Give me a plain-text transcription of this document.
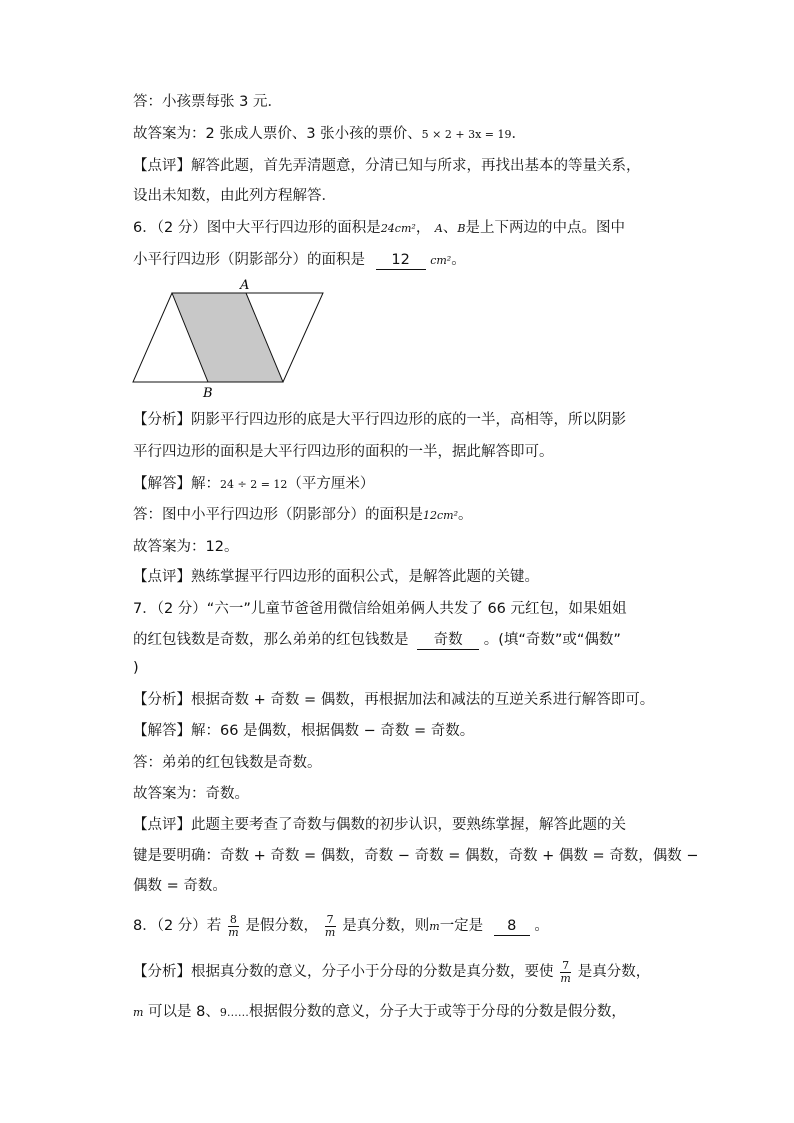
答：小孩票每张 3 元．
故答案为：2 张成人票价、3 张小孩的票价、5 × 2 + 3x = 19．
【点评】解答此题，首先弄清题意，分清已知与所求，再找出基本的等量关系，
设出未知数，由此列方程解答．
6．（2 分）图中大平行四边形的面积是24cm²， A、B是上下两边的中点。图中
小平行四边形（阴影部分）的面积是 12 cm²。
A
B
【分析】阴影平行四边形的底是大平行四边形的底的一半，高相等，所以阴影
平行四边形的面积是大平行四边形的面积的一半，据此解答即可。
【解答】解：24 ÷ 2 = 12（平方厘米）
答：图中小平行四边形（阴影部分）的面积是12cm²。
故答案为：12。
【点评】熟练掌握平行四边形的面积公式，是解答此题的关键。
7．（2 分）“六一”儿童节爸爸用微信给姐弟俩人共发了 66 元红包，如果姐姐
的红包钱数是奇数，那么弟弟的红包钱数是 奇数 。(填“奇数”或“偶数”
)
【分析】根据奇数 + 奇数 = 偶数，再根据加法和减法的互逆关系进行解答即可。
【解答】解：66 是偶数，根据偶数 − 奇数 = 奇数。
答：弟弟的红包钱数是奇数。
故答案为：奇数。
【点评】此题主要考查了奇数与偶数的初步认识，要熟练掌握，解答此题的关
键是要明确：奇数 + 奇数 = 偶数，奇数 − 奇数 = 偶数，奇数 + 偶数 = 奇数，偶数 −
偶数 = 奇数。
8．（2 分）若 $\frac{8}{m}$ 是假分数， $\frac{7}{m}$ 是真分数，则m一定是 8 。
【分析】根据真分数的意义，分子小于分母的分数是真分数，要使 $\frac{7}{m}$ 是真分数，
m 可以是 8、9……根据假分数的意义，分子大于或等于分母的分数是假分数，
